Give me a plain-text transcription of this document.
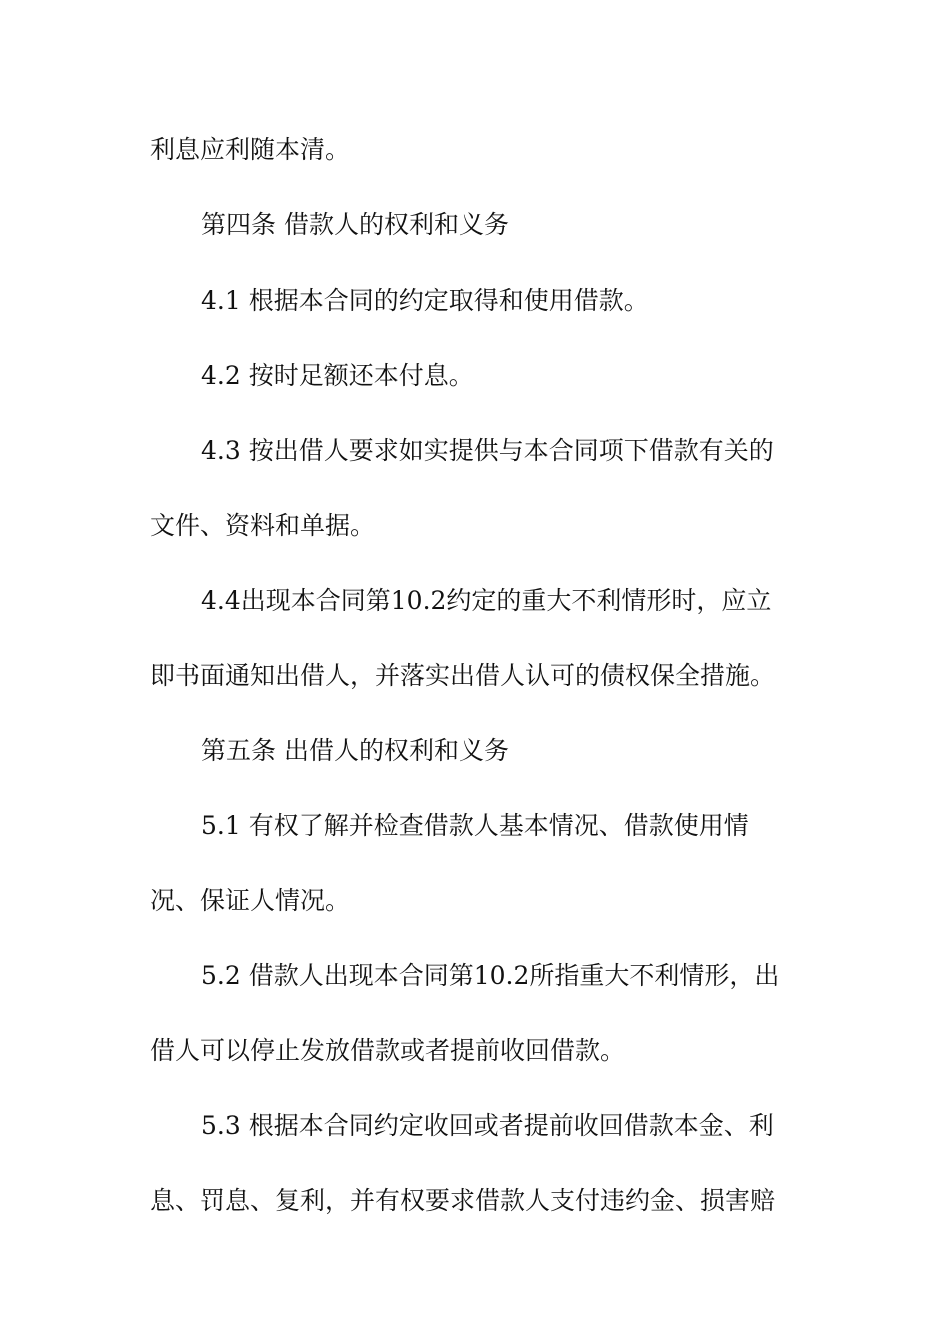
利息应利随本清。
第四条 借款人的权利和义务
4.1 根据本合同的约定取得和使用借款。
4.2 按时足额还本付息。
4.3 按出借人要求如实提供与本合同项下借款有关的
文件、资料和单据。
4.4出现本合同第10.2约定的重大不利情形时，应立
即书面通知出借人，并落实出借人认可的债权保全措施。
第五条 出借人的权利和义务
5.1 有权了解并检查借款人基本情况、借款使用情
况、保证人情况。
5.2 借款人出现本合同第10.2所指重大不利情形，出
借人可以停止发放借款或者提前收回借款。
5.3 根据本合同约定收回或者提前收回借款本金、利
息、罚息、复利，并有权要求借款人支付违约金、损害赔
